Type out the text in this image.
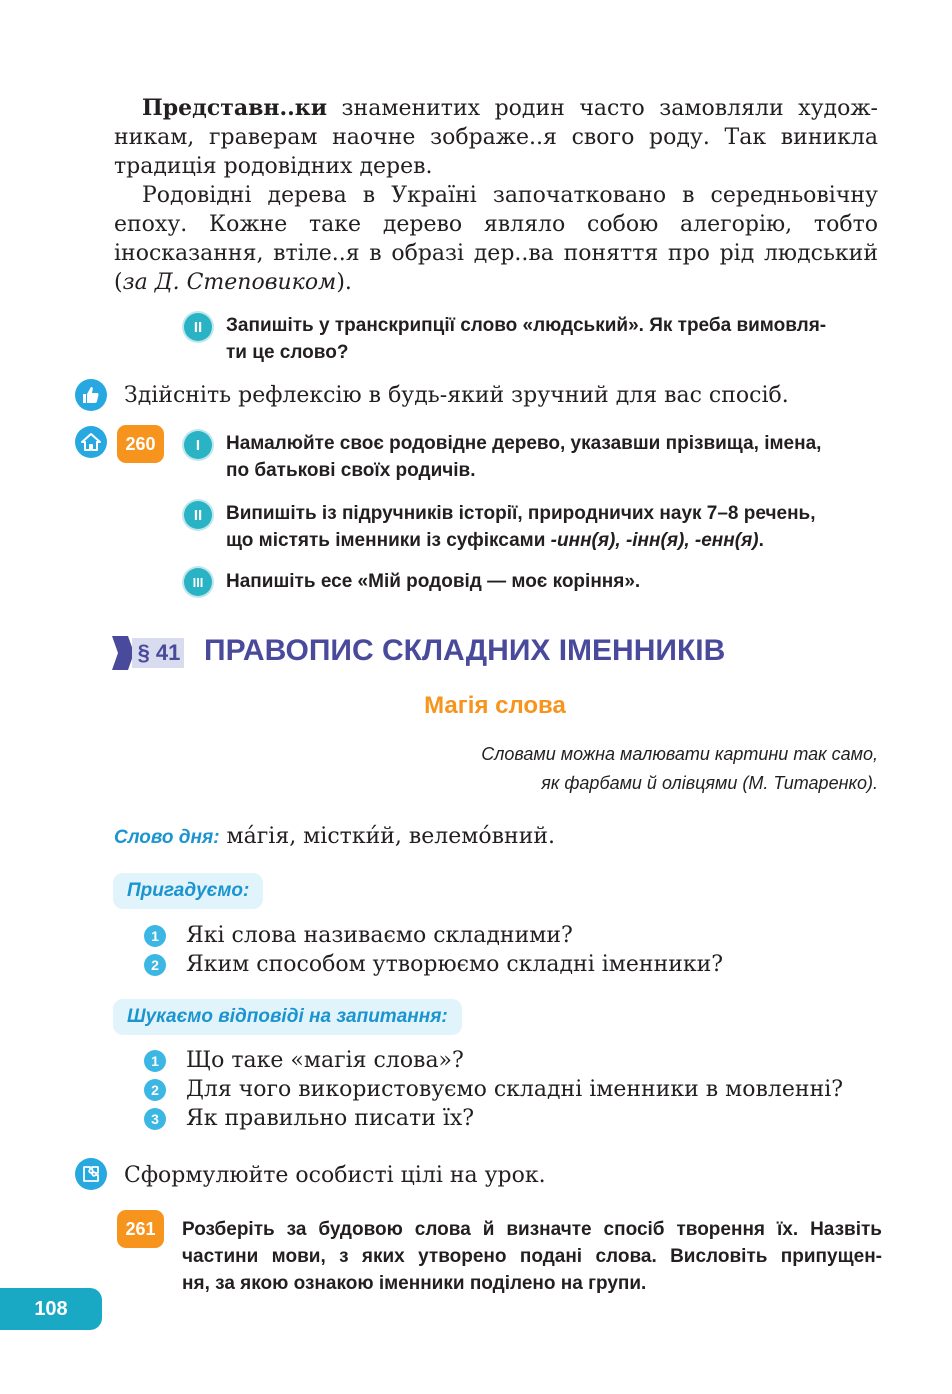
Представн..ки знаменитих родин часто замовляли худож-
никам, граверам наочне зображе..я свого роду. Так виникла
традиція родовідних дерев.
Родовідні дерева в Україні започатковано в середньовічну
епоху. Кожне таке дерево являло собою алегорію, тобто
іносказання, втіле..я в образі дер..ва поняття про рід людський
(за Д. Степовиком).
II	Запишіть у транскрипції слово «людський». Як треба вимовля-
ти це слово?
Здійсніть рефлексію в будь-який зручний для вас спосіб.
260	I	Намалюйте своє родовідне дерево, указавши прізвища, імена,
по батькові своїх родичів.
II	Випишіть із підручників історії, природничих наук 7–8 речень,
що містять іменники із суфіксами -инн(я), -інн(я), -енн(я).
III	Напишіть есе «Мій родовід — моє коріння».
§ 41 ПРАВОПИС СКЛАДНИХ ІМЕННИКІВ
Магія слова
Словами можна малювати картини так само,
як фарбами й олівцями (М. Титаренко).
Слово дня: ма́гія, містки́й, велемо́вний.
Пригадуємо:
1	Які слова називаємо складними?
2	Яким способом утворюємо складні іменники?
Шукаємо відповіді на запитання:
1	Що таке «магія слова»?
2	Для чого використовуємо складні іменники в мовленні?
3	Як правильно писати їх?
Сформулюйте особисті цілі на урок.
261	Розберіть за будовою слова й визначте спосіб творення їх. Назвіть
частини мови, з яких утворено подані слова. Висловіть припущен-
ня, за якою ознакою іменники поділено на групи.
108
